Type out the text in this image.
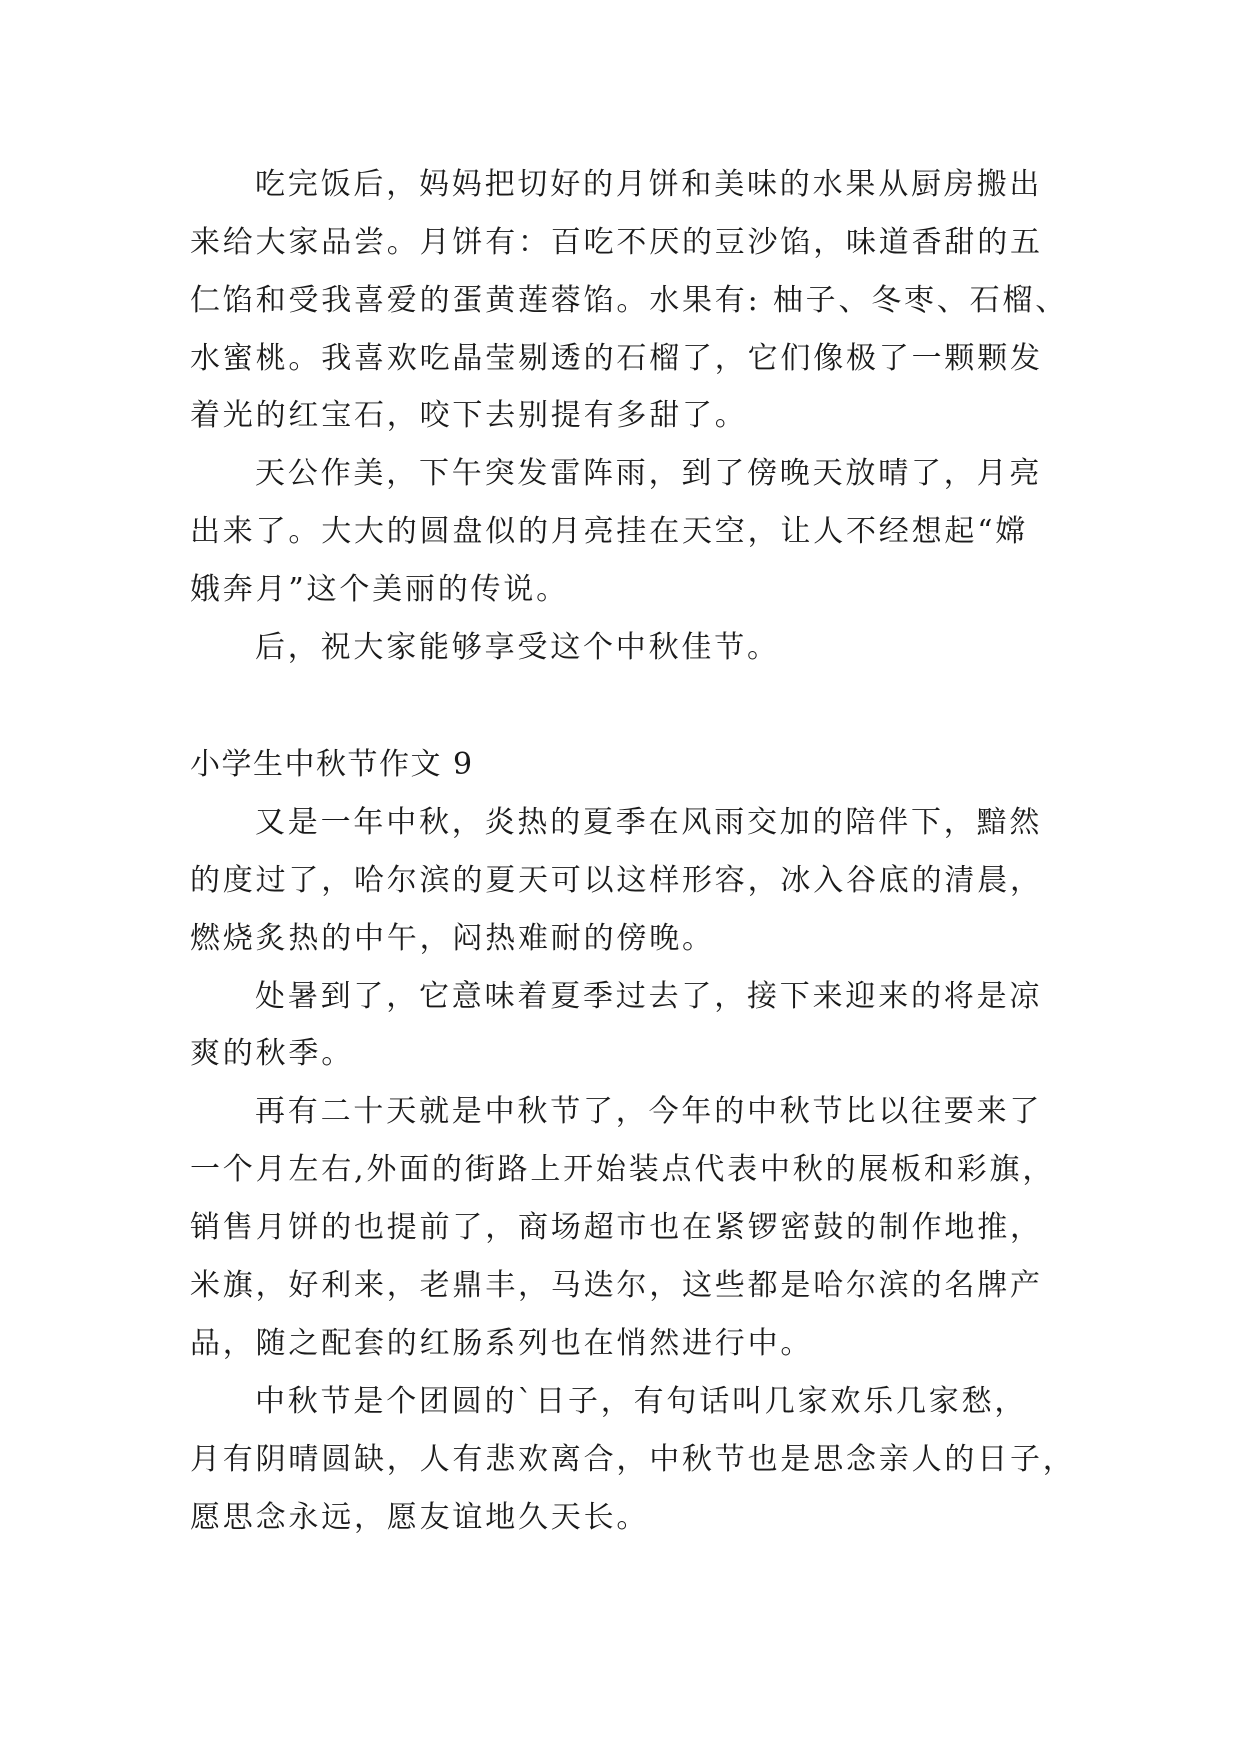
吃完饭后，妈妈把切好的月饼和美味的水果从厨房搬出
来给大家品尝。月饼有：百吃不厌的豆沙馅，味道香甜的五
仁馅和受我喜爱的蛋黄莲蓉馅。水果有: 柚子、冬枣、石榴、
水蜜桃。我喜欢吃晶莹剔透的石榴了，它们像极了一颗颗发
着光的红宝石，咬下去别提有多甜了。
天公作美，下午突发雷阵雨，到了傍晚天放晴了，月亮
出来了。大大的圆盘似的月亮挂在天空，让人不经想起“嫦
娥奔月”这个美丽的传说。
后，祝大家能够享受这个中秋佳节。
小学生中秋节作文 9
又是一年中秋，炎热的夏季在风雨交加的陪伴下，黯然
的度过了，哈尔滨的夏天可以这样形容，冰入谷底的清晨，
燃烧炙热的中午，闷热难耐的傍晚。
处暑到了，它意味着夏季过去了，接下来迎来的将是凉
爽的秋季。
再有二十天就是中秋节了，今年的中秋节比以往要来了
一个月左右,外面的街路上开始装点代表中秋的展板和彩旗，
销售月饼的也提前了，商场超市也在紧锣密鼓的制作地推，
米旗，好利来，老鼎丰，马迭尔，这些都是哈尔滨的名牌产
品，随之配套的红肠系列也在悄然进行中。
中秋节是个团圆的`日子，有句话叫几家欢乐几家愁，
月有阴晴圆缺，人有悲欢离合，中秋节也是思念亲人的日子，
愿思念永远，愿友谊地久天长。
